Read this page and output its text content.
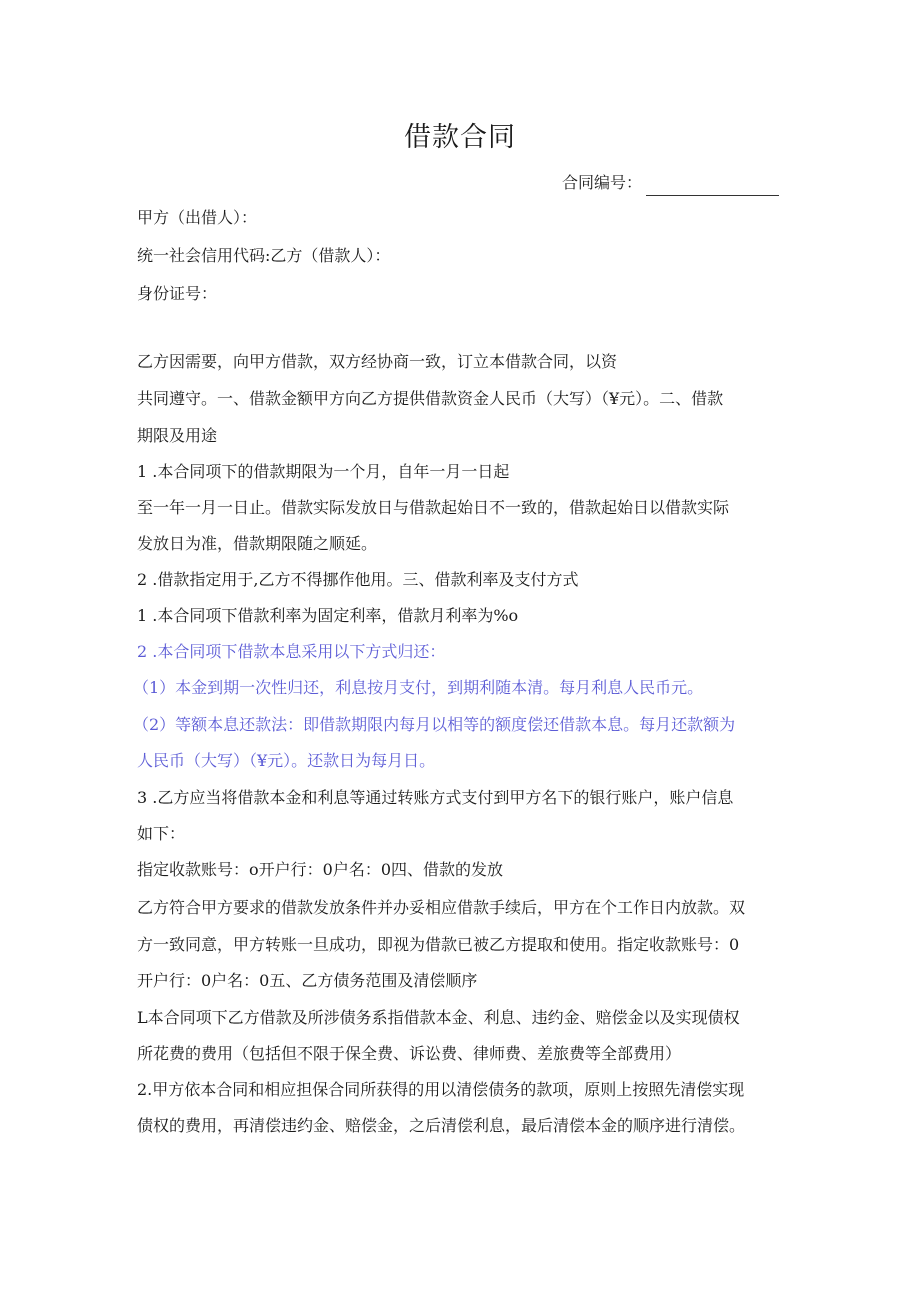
借款合同
合同编号：
甲方（出借人）：
统一社会信用代码:乙方（借款人）：
身份证号：
乙方因需要，向甲方借款，双方经协商一致，订立本借款合同，以资
共同遵守。一、借款金额甲方向乙方提供借款资金人民币（大写）（¥元）。二、借款
期限及用途
1 .本合同项下的借款期限为一个月，自年一月一日起
至一年一月一日止。借款实际发放日与借款起始日不一致的，借款起始日以借款实际
发放日为准，借款期限随之顺延。
2 .借款指定用于,乙方不得挪作他用。三、借款利率及支付方式
1 .本合同项下借款利率为固定利率，借款月利率为%o
2 .本合同项下借款本息采用以下方式归还：
（1）本金到期一次性归还，利息按月支付，到期利随本清。每月利息人民币元。
（2）等额本息还款法：即借款期限内每月以相等的额度偿还借款本息。每月还款额为
人民币（大写）（¥元）。还款日为每月日。
3 .乙方应当将借款本金和利息等通过转账方式支付到甲方名下的银行账户，账户信息
如下：
指定收款账号：o开户行：0户名：0四、借款的发放
乙方符合甲方要求的借款发放条件并办妥相应借款手续后，甲方在个工作日内放款。双
方一致同意，甲方转账一旦成功，即视为借款已被乙方提取和使用。指定收款账号：0
开户行：0户名：0五、乙方债务范围及清偿顺序
L本合同项下乙方借款及所涉债务系指借款本金、利息、违约金、赔偿金以及实现债权
所花费的费用（包括但不限于保全费、诉讼费、律师费、差旅费等全部费用）
2.甲方依本合同和相应担保合同所获得的用以清偿债务的款项，原则上按照先清偿实现
债权的费用，再清偿违约金、赔偿金，之后清偿利息，最后清偿本金的顺序进行清偿。
